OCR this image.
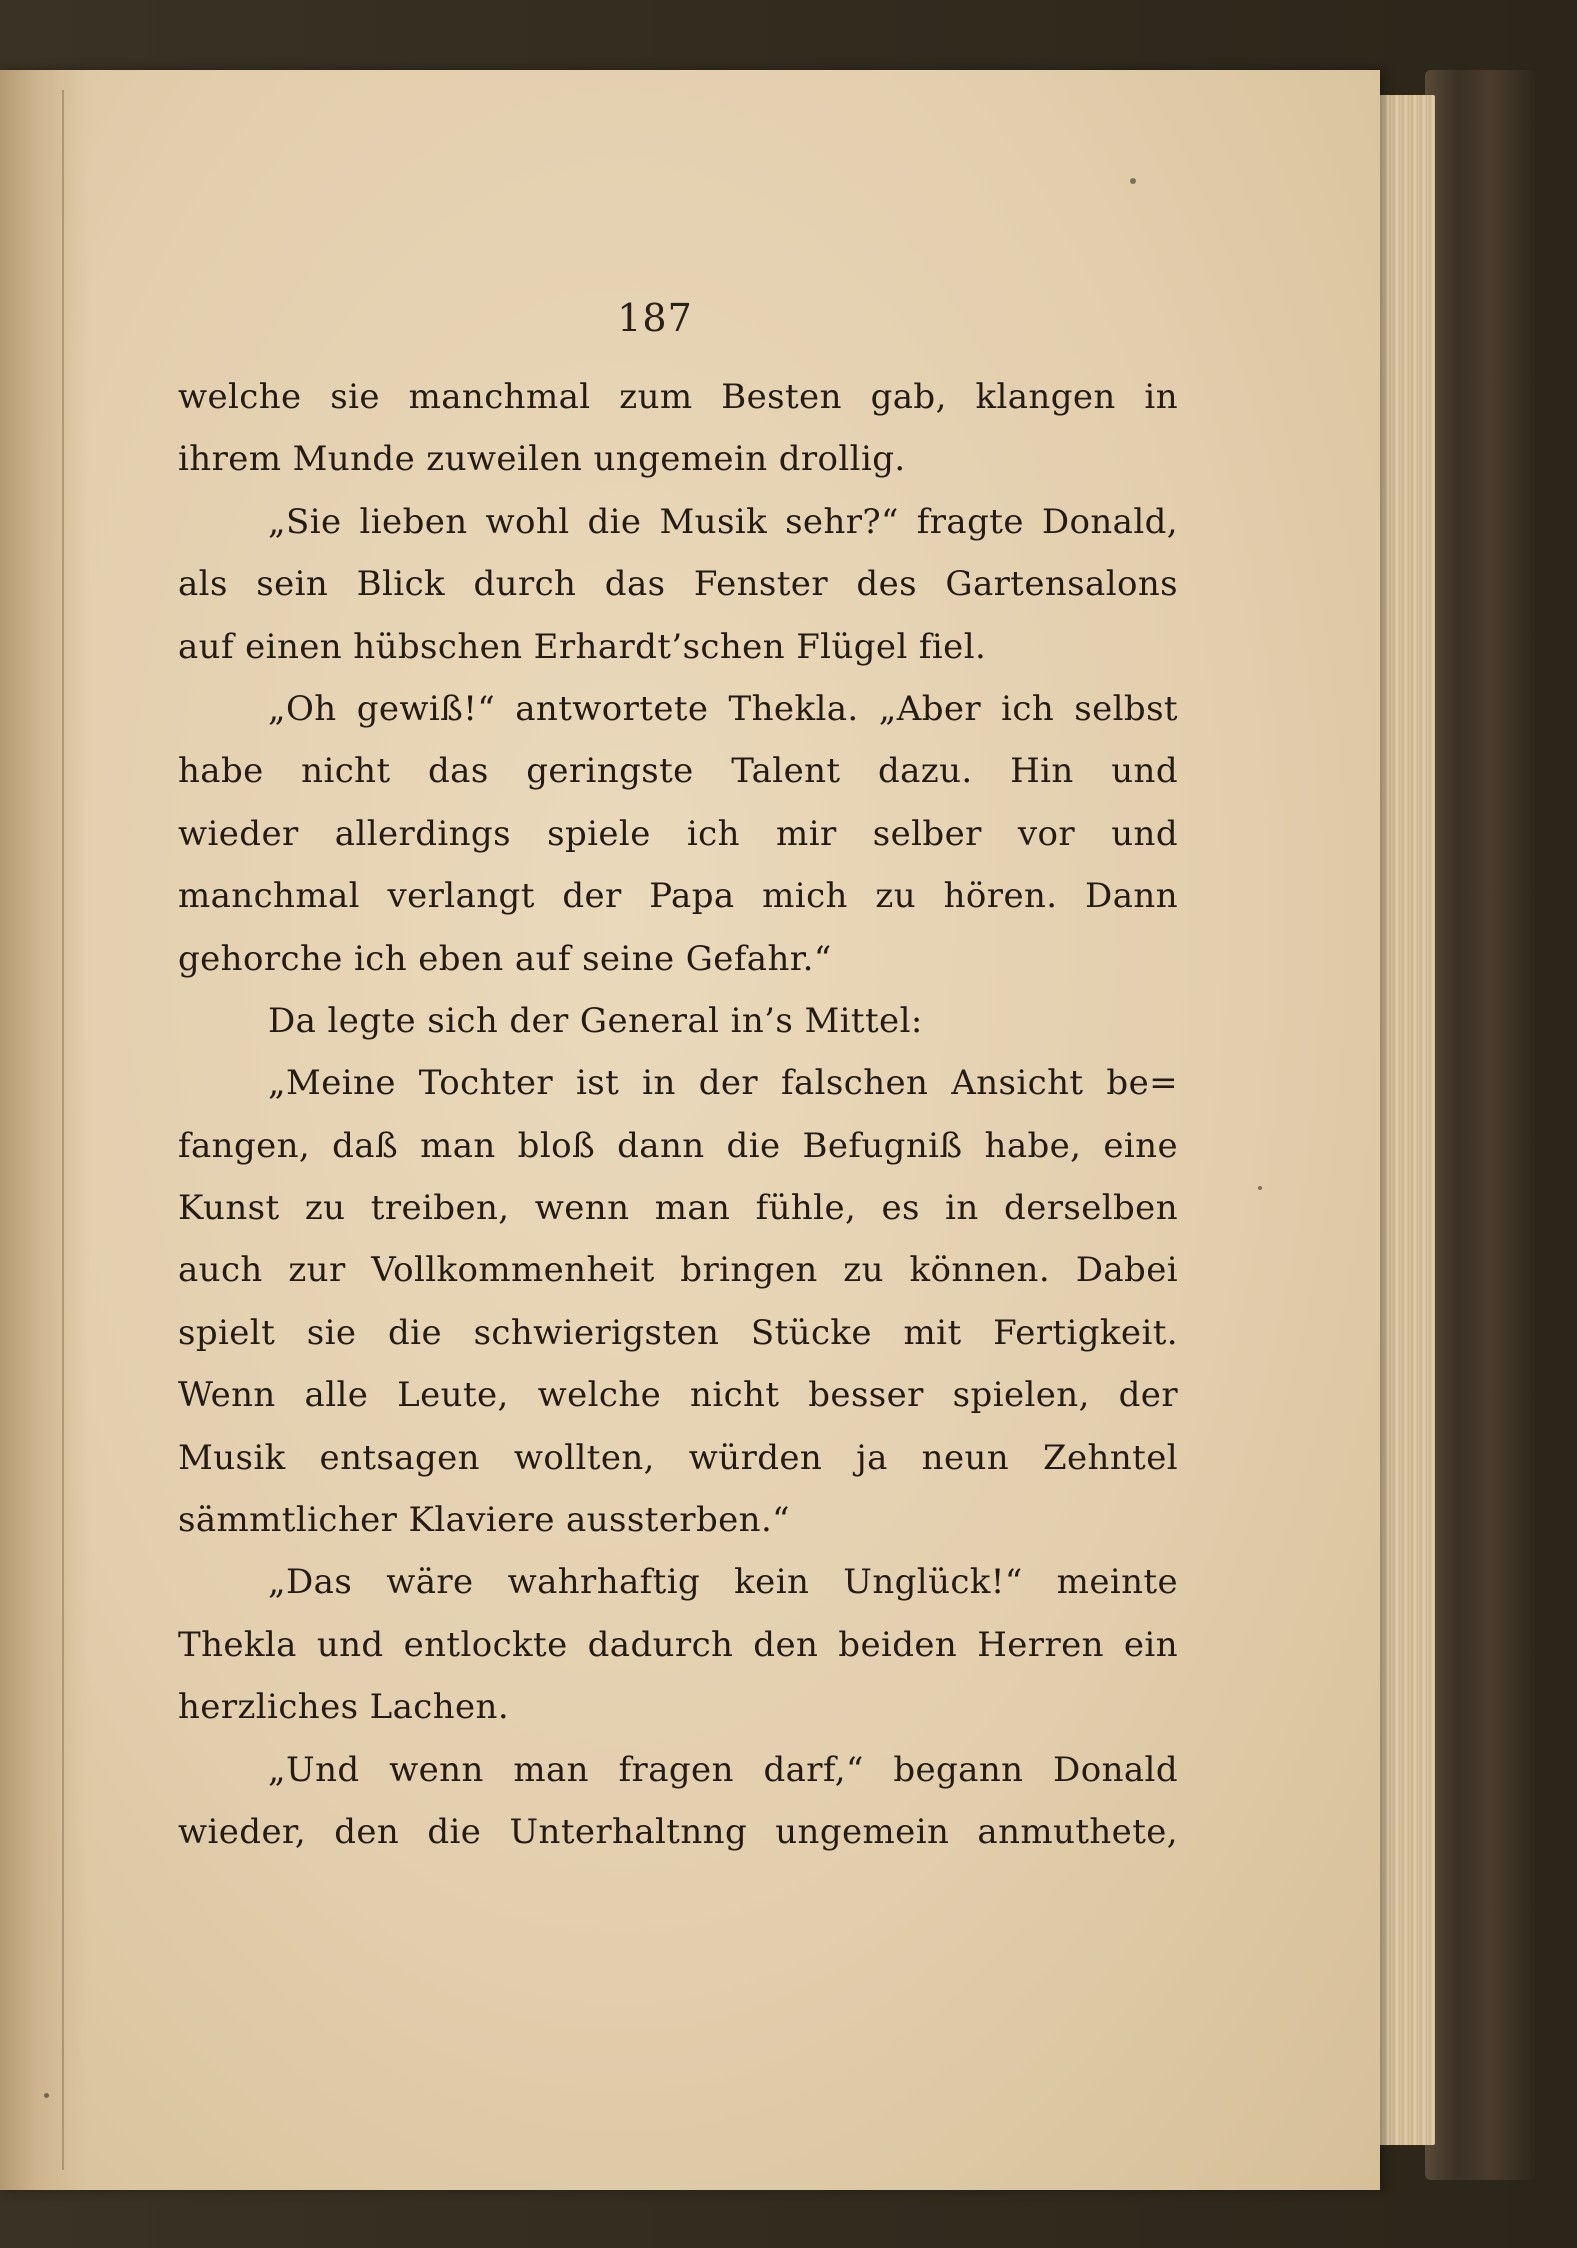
187
welche sie manchmal zum Besten gab, klangen in
ihrem Munde zuweilen ungemein drollig.
„Sie lieben wohl die Musik sehr?“ fragte Donald,
als sein Blick durch das Fenster des Gartensalons
auf einen hübschen Erhardt’schen Flügel fiel.
„Oh gewiß!“ antwortete Thekla. „Aber ich selbst
habe nicht das geringste Talent dazu. Hin und
wieder allerdings spiele ich mir selber vor und
manchmal verlangt der Papa mich zu hören. Dann
gehorche ich eben auf seine Gefahr.“
Da legte sich der General in’s Mittel:
„Meine Tochter ist in der falschen Ansicht be=
fangen, daß man bloß dann die Befugniß habe, eine
Kunst zu treiben, wenn man fühle, es in derselben
auch zur Vollkommenheit bringen zu können. Dabei
spielt sie die schwierigsten Stücke mit Fertigkeit.
Wenn alle Leute, welche nicht besser spielen, der
Musik entsagen wollten, würden ja neun Zehntel
sämmtlicher Klaviere aussterben.“
„Das wäre wahrhaftig kein Unglück!“ meinte
Thekla und entlockte dadurch den beiden Herren ein
herzliches Lachen.
„Und wenn man fragen darf,“ begann Donald
wieder, den die Unterhaltnng ungemein anmuthete,
